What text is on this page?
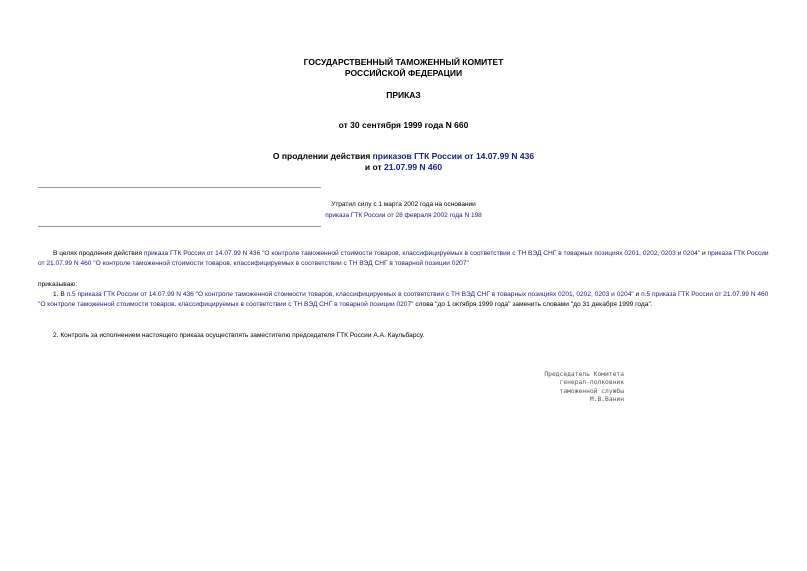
ГОСУДАРСТВЕННЫЙ ТАМОЖЕННЫЙ КОМИТЕТ
РОССИЙСКОЙ ФЕДЕРАЦИИ
ПРИКАЗ
от 30 сентября 1999 года N 660
О продлении действия приказов ГТК России от 14.07.99 N 436
и от 21.07.99 N 460
Утратил силу с 1 марта 2002 года на основании
приказа ГТК России от 28 февраля 2002 года N 198
В целях продления действия приказа ГТК России от 14.07.99 N 436 "О контроле таможенной стоимости товаров, классифицируемых в соответствии с ТН ВЭД СНГ в товарных позициях 0201, 0202, 0203 и 0204" и приказа ГТК России от 21.07.99 N 460 "О контроле таможенной стоимости товаров, классифицируемых в соответствии с ТН ВЭД СНГ в товарной позиции 0207"
приказываю:
1. В п.5 приказа ГТК России от 14.07.99 N 436 "О контроле таможенной стоимости товаров, классифицируемых в соответствии с ТН ВЭД СНГ в товарных позициях 0201, 0202, 0203 и 0204" и п.5 приказа ГТК России от 21.07.99 N 460 "О контроле таможенной стоимости товаров, классифицируемых в соответствии с ТН ВЭД СНГ в товарной позиции 0207" слова "до 1 октября 1999 года" заменить словами "до 31 декабря 1999 года".
2. Контроль за исполнением настоящего приказа осуществлять заместителю председателя ГТК России А.А. Каульбарсу.
Председатель Комитета
генерал-полковник
таможенной службы
М.В.Ванин
